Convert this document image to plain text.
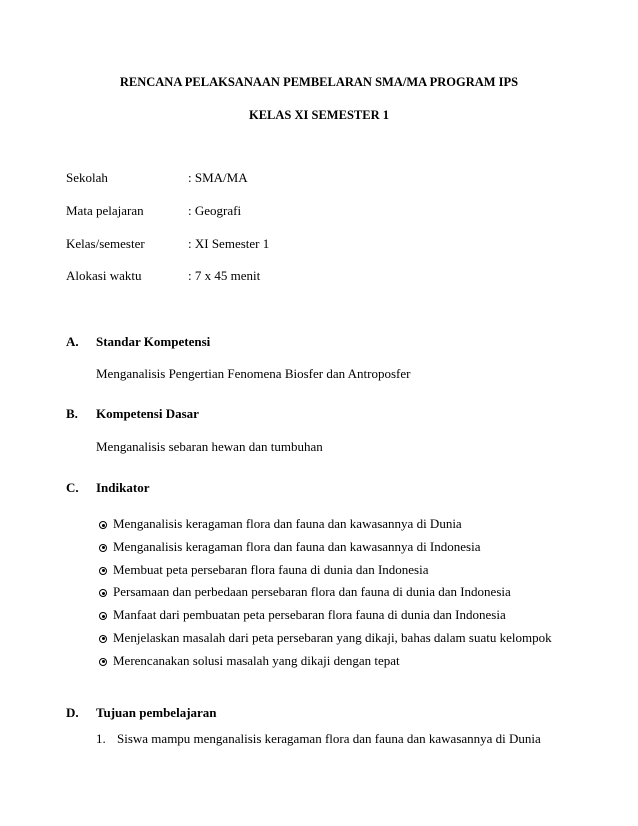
RENCANA PELAKSANAAN PEMBELARAN SMA/MA PROGRAM IPS
KELAS XI SEMESTER 1
Sekolah	: SMA/MA
Mata pelajaran	: Geografi
Kelas/semester	: XI Semester 1
Alokasi waktu	: 7 x 45 menit
A. Standar Kompetensi
Menganalisis Pengertian Fenomena Biosfer dan Antroposfer
B. Kompetensi Dasar
Menganalisis sebaran hewan dan tumbuhan
C. Indikator
Menganalisis keragaman flora dan fauna dan kawasannya di Dunia
Menganalisis keragaman flora dan fauna dan kawasannya di Indonesia
Membuat peta persebaran flora fauna di dunia dan Indonesia
Persamaan dan perbedaan persebaran flora dan fauna di dunia dan Indonesia
Manfaat dari pembuatan peta persebaran flora fauna di dunia dan Indonesia
Menjelaskan masalah dari peta persebaran yang dikaji, bahas dalam suatu kelompok
Merencanakan solusi masalah yang dikaji dengan tepat
D. Tujuan pembelajaran
1. Siswa mampu menganalisis keragaman flora dan fauna dan kawasannya di Dunia
